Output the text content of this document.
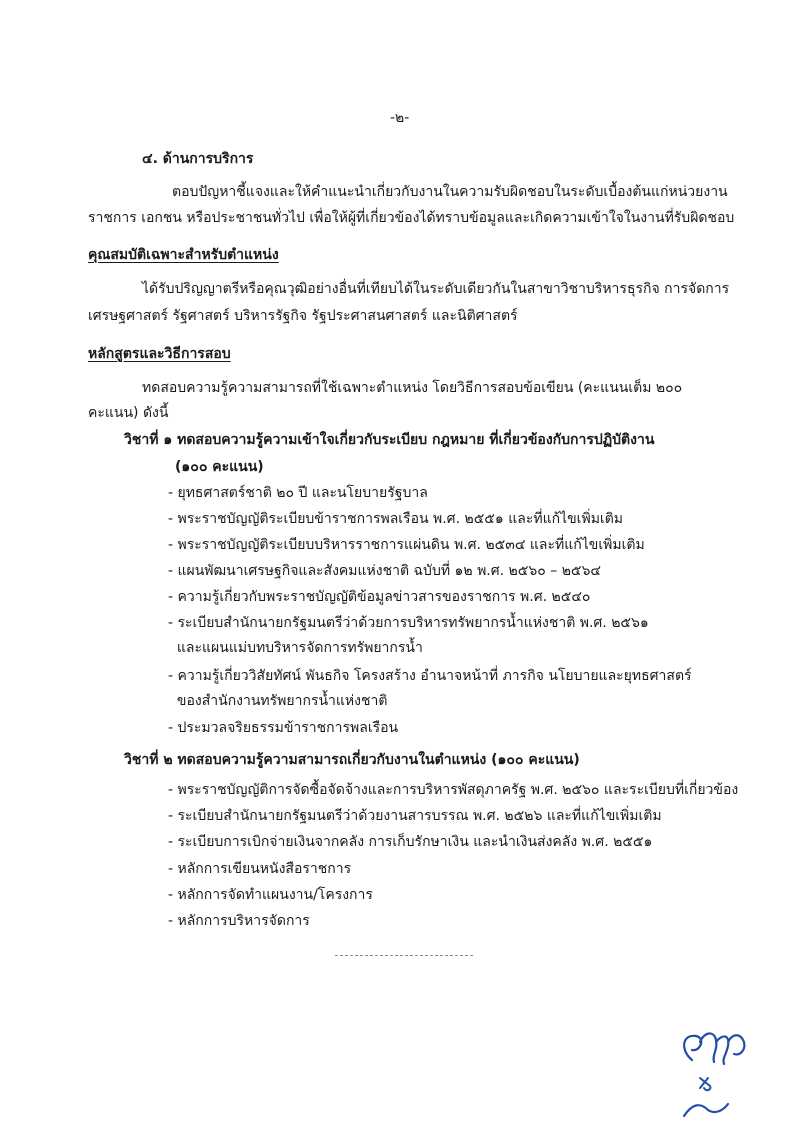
-๒-
๔. ด้านการบริการ
ตอบปัญหาชี้แจงและให้คำแนะนำเกี่ยวกับงานในความรับผิดชอบในระดับเบื้องต้นแก่หน่วยงาน
ราชการ เอกชน หรือประชาชนทั่วไป เพื่อให้ผู้ที่เกี่ยวข้องได้ทราบข้อมูลและเกิดความเข้าใจในงานที่รับผิดชอบ
คุณสมบัติเฉพาะสำหรับตำแหน่ง
ได้รับปริญญาตรีหรือคุณวุฒิอย่างอื่นที่เทียบได้ในระดับเดียวกันในสาขาวิชาบริหารธุรกิจ การจัดการ
เศรษฐศาสตร์ รัฐศาสตร์ บริหารรัฐกิจ รัฐประศาสนศาสตร์ และนิติศาสตร์
หลักสูตรและวิธีการสอบ
ทดสอบความรู้ความสามารถที่ใช้เฉพาะตำแหน่ง โดยวิธีการสอบข้อเขียน (คะแนนเต็ม ๒๐๐
คะแนน) ดังนี้
วิชาที่ ๑ ทดสอบความรู้ความเข้าใจเกี่ยวกับระเบียบ กฎหมาย ที่เกี่ยวข้องกับการปฏิบัติงาน
(๑๐๐ คะแนน)
- ยุทธศาสตร์ชาติ ๒๐ ปี และนโยบายรัฐบาล
- พระราชบัญญัติระเบียบข้าราชการพลเรือน พ.ศ. ๒๕๕๑ และที่แก้ไขเพิ่มเติม
- พระราชบัญญัติระเบียบบริหารราชการแผ่นดิน พ.ศ. ๒๕๓๔ และที่แก้ไขเพิ่มเติม
- แผนพัฒนาเศรษฐกิจและสังคมแห่งชาติ ฉบับที่ ๑๒ พ.ศ. ๒๕๖๐ – ๒๕๖๔
- ความรู้เกี่ยวกับพระราชบัญญัติข้อมูลข่าวสารของราชการ พ.ศ. ๒๕๔๐
- ระเบียบสำนักนายกรัฐมนตรีว่าด้วยการบริหารทรัพยากรน้ำแห่งชาติ พ.ศ. ๒๕๖๑
และแผนแม่บทบริหารจัดการทรัพยากรน้ำ
- ความรู้เกี่ยววิสัยทัศน์ พันธกิจ โครงสร้าง อำนาจหน้าที่ ภารกิจ นโยบายและยุทธศาสตร์
ของสำนักงานทรัพยากรน้ำแห่งชาติ
- ประมวลจริยธรรมข้าราชการพลเรือน
วิชาที่ ๒ ทดสอบความรู้ความสามารถเกี่ยวกับงานในตำแหน่ง (๑๐๐ คะแนน)
- พระราชบัญญัติการจัดซื้อจัดจ้างและการบริหารพัสดุภาครัฐ พ.ศ. ๒๕๖๐ และระเบียบที่เกี่ยวข้อง
- ระเบียบสำนักนายกรัฐมนตรีว่าด้วยงานสารบรรณ พ.ศ. ๒๕๒๖ และที่แก้ไขเพิ่มเติม
- ระเบียบการเบิกจ่ายเงินจากคลัง การเก็บรักษาเงิน และนำเงินส่งคลัง พ.ศ. ๒๕๕๑
- หลักการเขียนหนังสือราชการ
- หลักการจัดทำแผนงาน/โครงการ
- หลักการบริหารจัดการ
